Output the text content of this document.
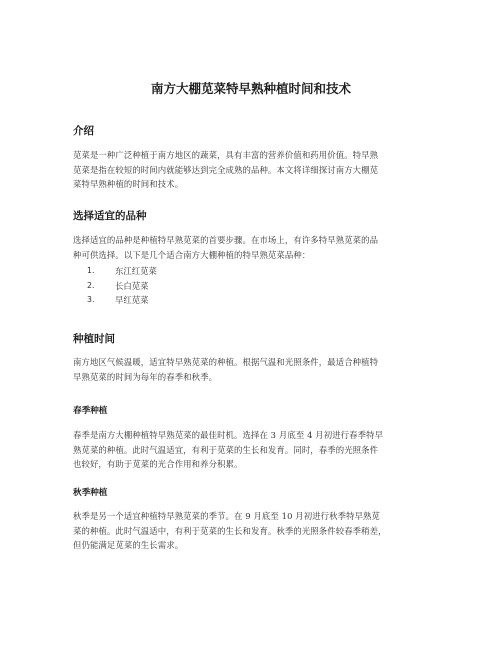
南方大棚苋菜特早熟种植时间和技术
介绍
苋菜是一种广泛种植于南方地区的蔬菜，具有丰富的营养价值和药用价值。特早熟
苋菜是指在较短的时间内就能够达到完全成熟的品种。本文将详细探讨南方大棚苋
菜特早熟种植的时间和技术。
选择适宜的品种
选择适宜的品种是种植特早熟苋菜的首要步骤。在市场上，有许多特早熟苋菜的品
种可供选择。以下是几个适合南方大棚种植的特早熟苋菜品种：
1.	东江红苋菜
2.	长白苋菜
3.	早红苋菜
种植时间
南方地区气候温暖，适宜特早熟苋菜的种植。根据气温和光照条件，最适合种植特
早熟苋菜的时间为每年的春季和秋季。
春季种植
春季是南方大棚种植特早熟苋菜的最佳时机。选择在 3 月底至 4 月初进行春季特早
熟苋菜的种植。此时气温适宜，有利于苋菜的生长和发育。同时，春季的光照条件
也较好，有助于苋菜的光合作用和养分积累。
秋季种植
秋季是另一个适宜种植特早熟苋菜的季节。在 9 月底至 10 月初进行秋季特早熟苋
菜的种植。此时气温适中，有利于苋菜的生长和发育。秋季的光照条件较春季稍差，
但仍能满足苋菜的生长需求。
